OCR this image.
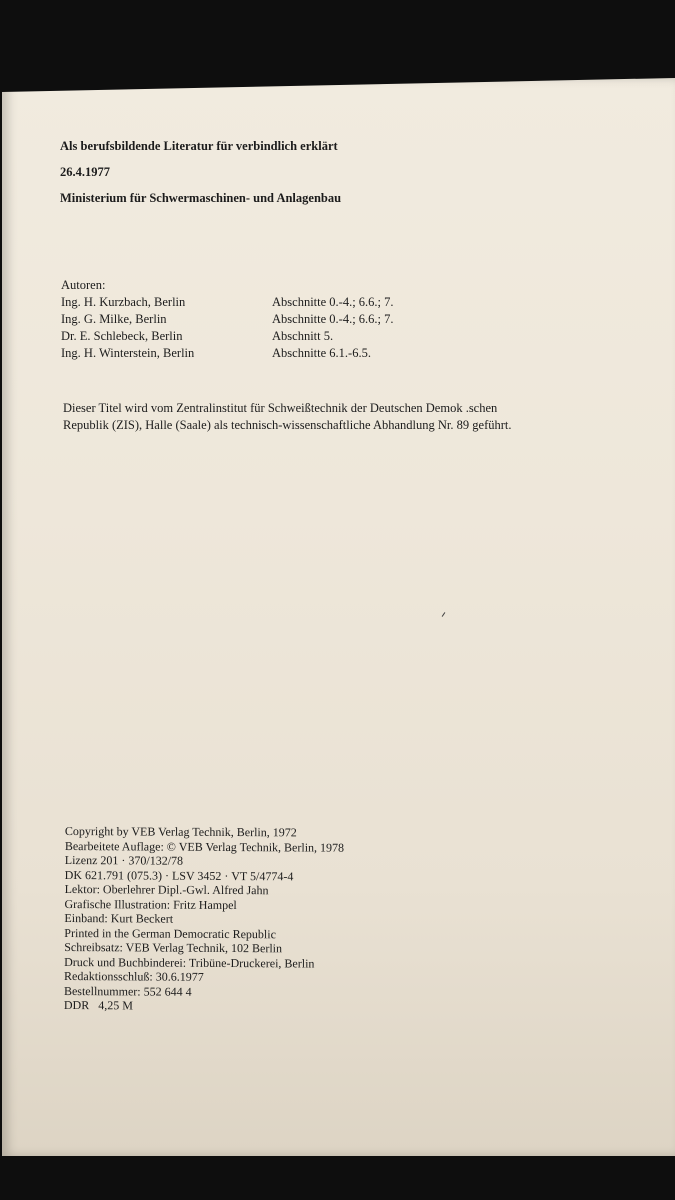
Als berufsbildende Literatur für verbindlich erklärt
26.4.1977
Ministerium für Schwermaschinen- und Anlagenbau
Autoren:
Ing. H. Kurzbach, Berlin	Abschnitte 0.-4.; 6.6.; 7.
Ing. G. Milke, Berlin	Abschnitte 0.-4.; 6.6.; 7.
Dr. E. Schlebeck, Berlin	Abschnitt 5.
Ing. H. Winterstein, Berlin	Abschnitte 6.1.-6.5.
Dieser Titel wird vom Zentralinstitut für Schweißtechnik der Deutschen Demok .schen
Republik (ZIS), Halle (Saale) als technisch-wissenschaftliche Abhandlung Nr. 89 geführt.
Copyright by VEB Verlag Technik, Berlin, 1972
Bearbeitete Auflage: © VEB Verlag Technik, Berlin, 1978
Lizenz 201 · 370/132/78
DK 621.791 (075.3) · LSV 3452 · VT 5/4774-4
Lektor: Oberlehrer Dipl.-Gwl. Alfred Jahn
Grafische Illustration: Fritz Hampel
Einband: Kurt Beckert
Printed in the German Democratic Republic
Schreibsatz: VEB Verlag Technik, 102 Berlin
Druck und Buchbinderei: Tribüne-Druckerei, Berlin
Redaktionsschluß: 30.6.1977
Bestellnummer: 552 644 4
DDR   4,25 M
